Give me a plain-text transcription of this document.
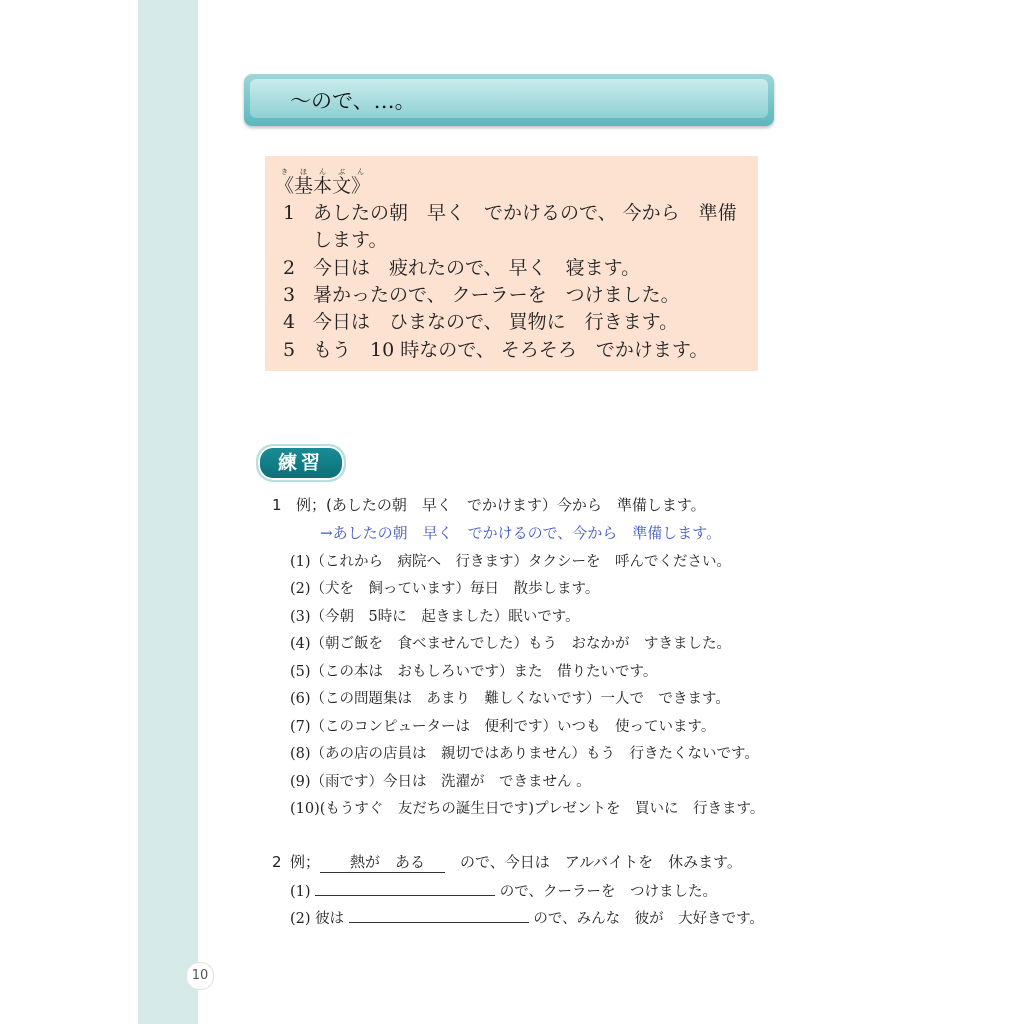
10
～ので、…。
《基本文》きほんぶん
1 あしたの朝　早く　でかけるので、 今から　準備
します。
2 今日は　疲れたので、 早く　寝ます。
3 暑かったので、 クーラーを　つけました。
4 今日は　ひまなので、 買物に　行きます。
5 もう　10 時なので、 そろそろ　でかけます。
練習
1 例；(あしたの朝　早く　でかけます）今から　準備します。
→あしたの朝　早く　でかけるので、今から　準備します。
(1)（これから　病院へ　行きます）タクシーを　呼んでください。
(2)（犬を　飼っています）毎日　散歩します。
(3)（今朝　5時に　起きました）眠いです。
(4)（朝ご飯を　食べませんでした）もう　おなかが　すきました。
(5)（この本は　おもしろいです）また　借りたいです。
(6)（この問題集は　あまり　難しくないです）一人で　できます。
(7)（このコンピューターは　便利です）いつも　使っています。
(8)（あの店の店員は　親切ではありません）もう　行きたくないです。
(9)（雨です）今日は　洗濯が　できません 。
(10)(もうすぐ　友だちの誕生日です)プレゼントを　買いに　行きます。
2 例； 熱が　ある　ので、今日は　アルバイトを　休みます。
(1)	ので、クーラーを　つけました。
(2) 彼は	ので、みんな　彼が　大好きです。
